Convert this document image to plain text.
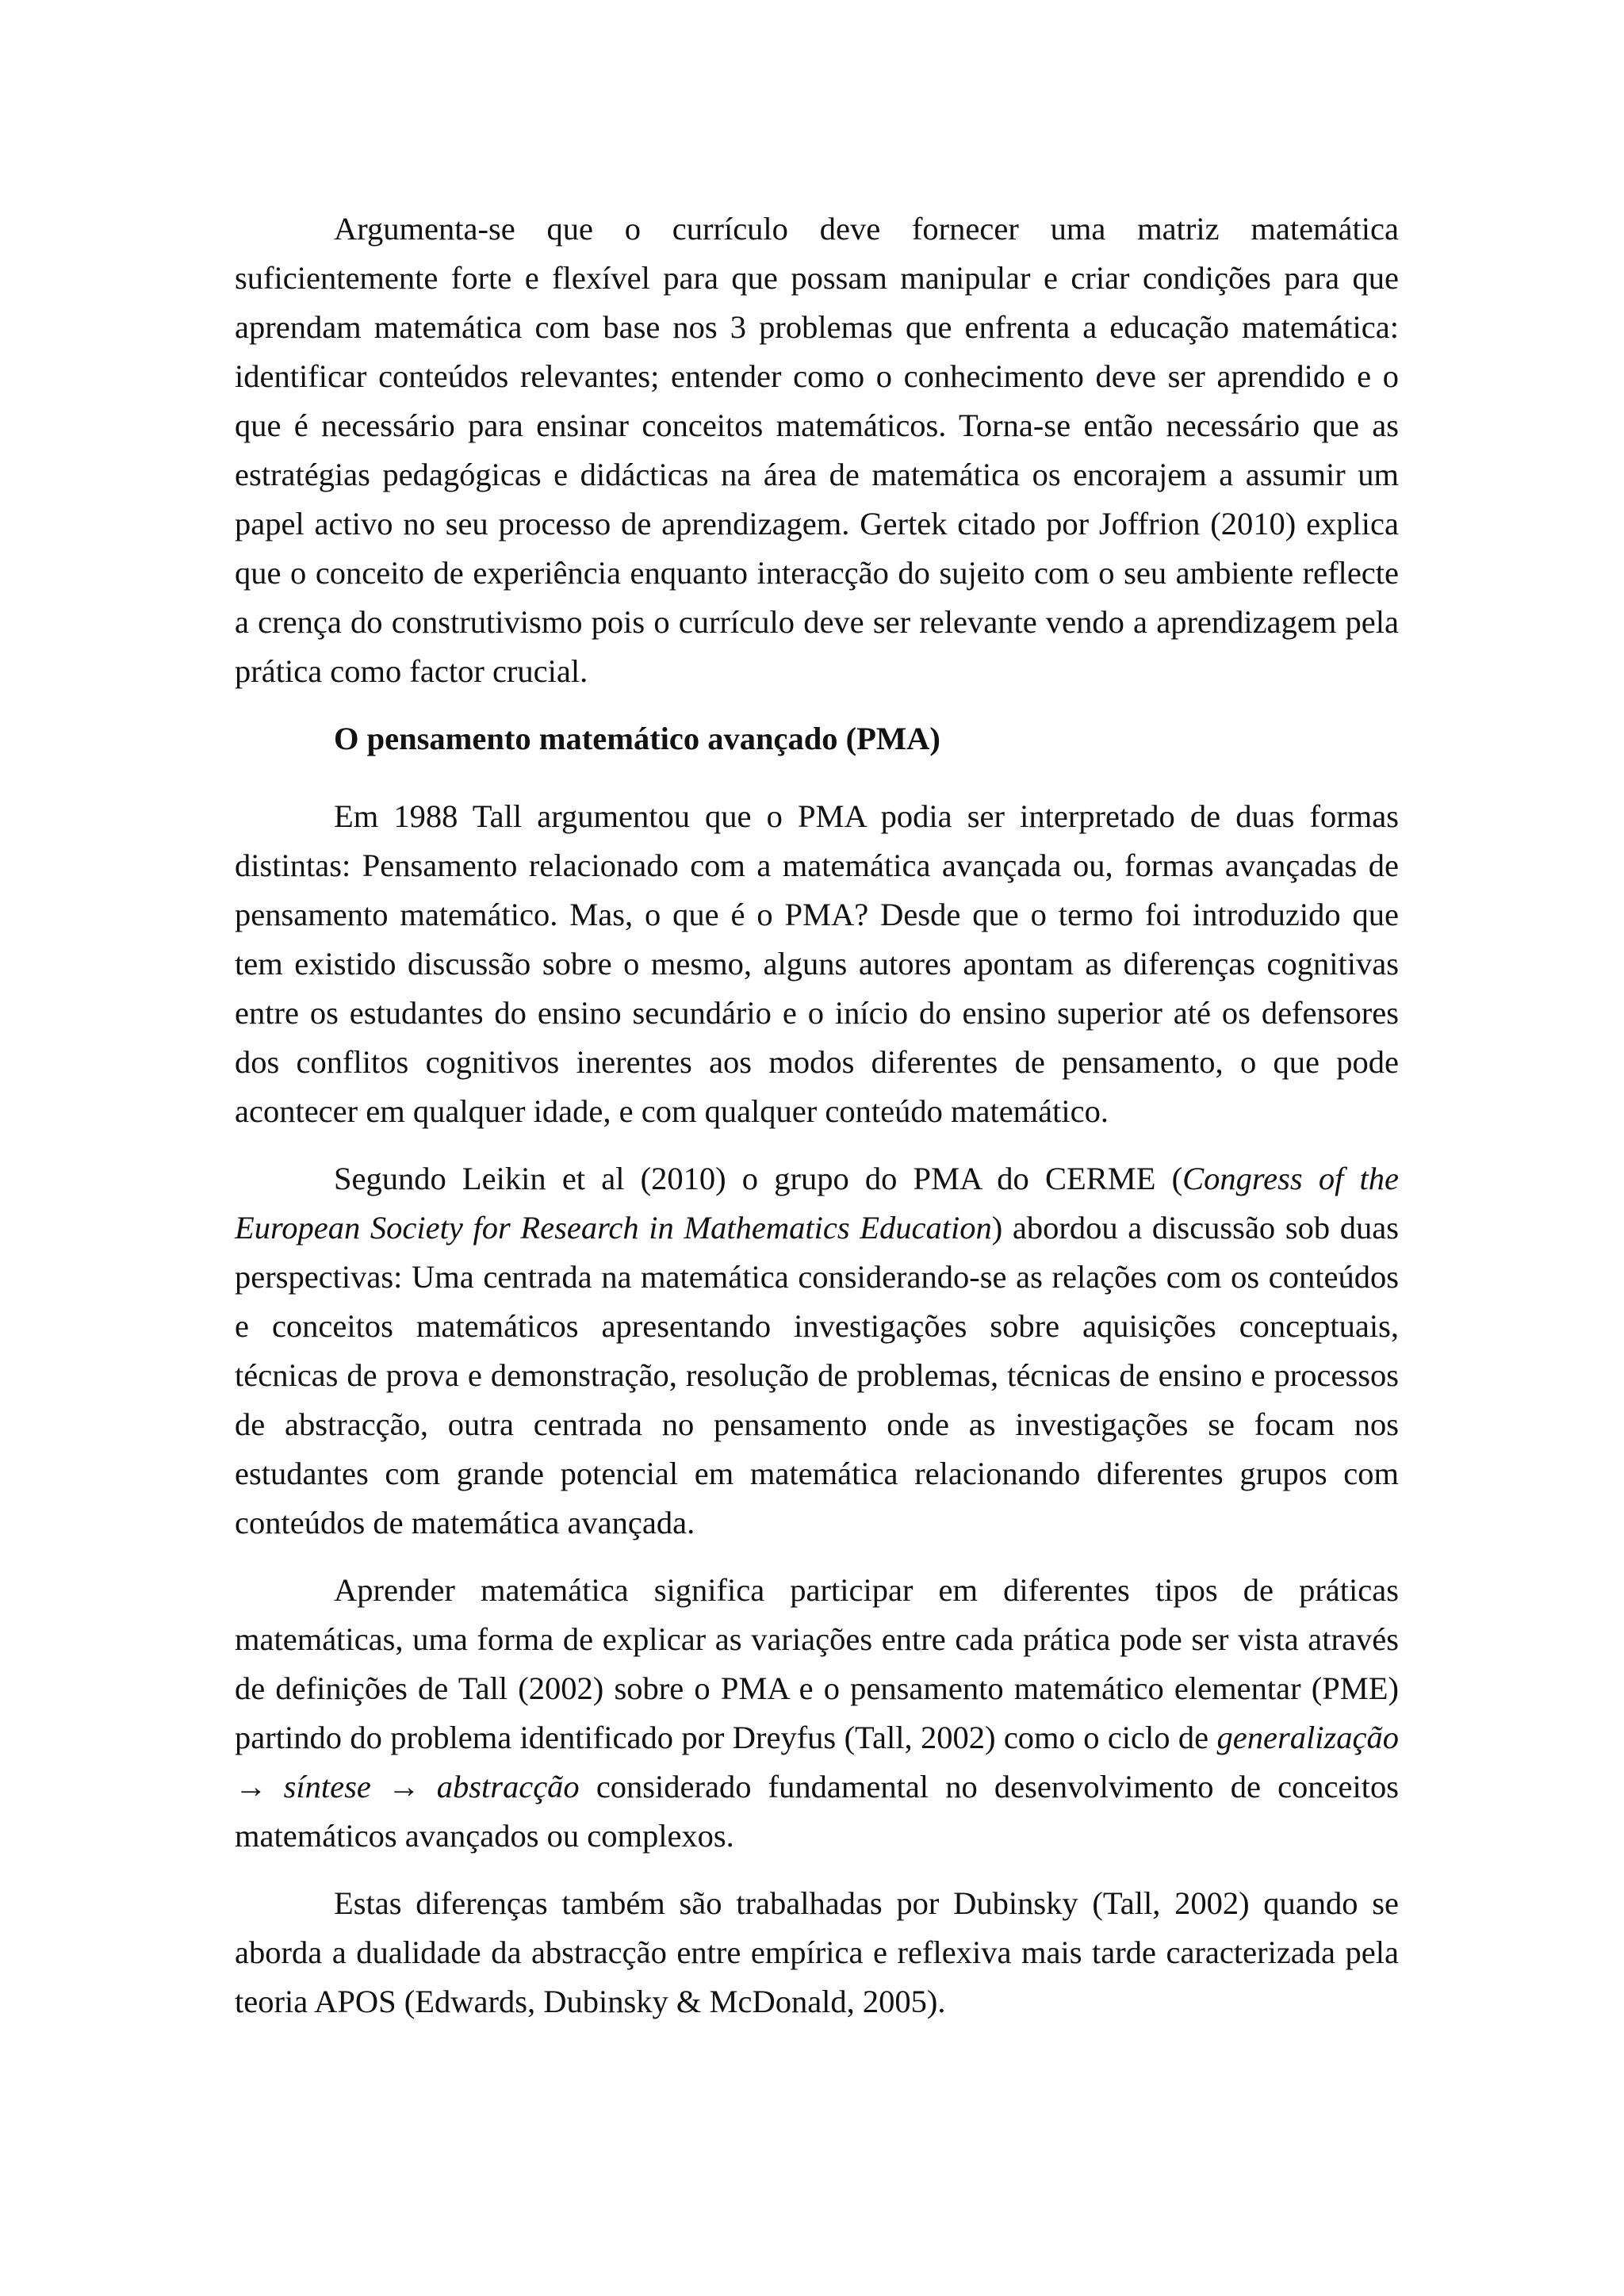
Argumenta-se que o currículo deve fornecer uma matriz matemática suficientemente forte e flexível para que possam manipular e criar condições para que aprendam matemática com base nos 3 problemas que enfrenta a educação matemática: identificar conteúdos relevantes; entender como o conhecimento deve ser aprendido e o que é necessário para ensinar conceitos matemáticos. Torna-se então necessário que as estratégias pedagógicas e didácticas na área de matemática os encorajem a assumir um papel activo no seu processo de aprendizagem. Gertek citado por Joffrion (2010) explica que o conceito de experiência enquanto interacção do sujeito com o seu ambiente reflecte a crença do construtivismo pois o currículo deve ser relevante vendo a aprendizagem pela prática como factor crucial.

O pensamento matemático avançado (PMA)

Em 1988 Tall argumentou que o PMA podia ser interpretado de duas formas distintas: Pensamento relacionado com a matemática avançada ou, formas avançadas de pensamento matemático. Mas, o que é o PMA? Desde que o termo foi introduzido que tem existido discussão sobre o mesmo, alguns autores apontam as diferenças cognitivas entre os estudantes do ensino secundário e o início do ensino superior até os defensores dos conflitos cognitivos inerentes aos modos diferentes de pensamento, o que pode acontecer em qualquer idade, e com qualquer conteúdo matemático.

Segundo Leikin et al (2010) o grupo do PMA do CERME (Congress of the European Society for Research in Mathematics Education) abordou a discussão sob duas perspectivas: Uma centrada na matemática considerando-se as relações com os conteúdos e conceitos matemáticos apresentando investigações sobre aquisições conceptuais, técnicas de prova e demonstração, resolução de problemas, técnicas de ensino e processos de abstracção, outra centrada no pensamento onde as investigações se focam nos estudantes com grande potencial em matemática relacionando diferentes grupos com conteúdos de matemática avançada.

Aprender matemática significa participar em diferentes tipos de práticas matemáticas, uma forma de explicar as variações entre cada prática pode ser vista através de definições de Tall (2002) sobre o PMA e o pensamento matemático elementar (PME) partindo do problema identificado por Dreyfus (Tall, 2002) como o ciclo de generalização → síntese → abstracção considerado fundamental no desenvolvimento de conceitos matemáticos avançados ou complexos.

Estas diferenças também são trabalhadas por Dubinsky (Tall, 2002) quando se aborda a dualidade da abstracção entre empírica e reflexiva mais tarde caracterizada pela teoria APOS (Edwards, Dubinsky & McDonald, 2005).
